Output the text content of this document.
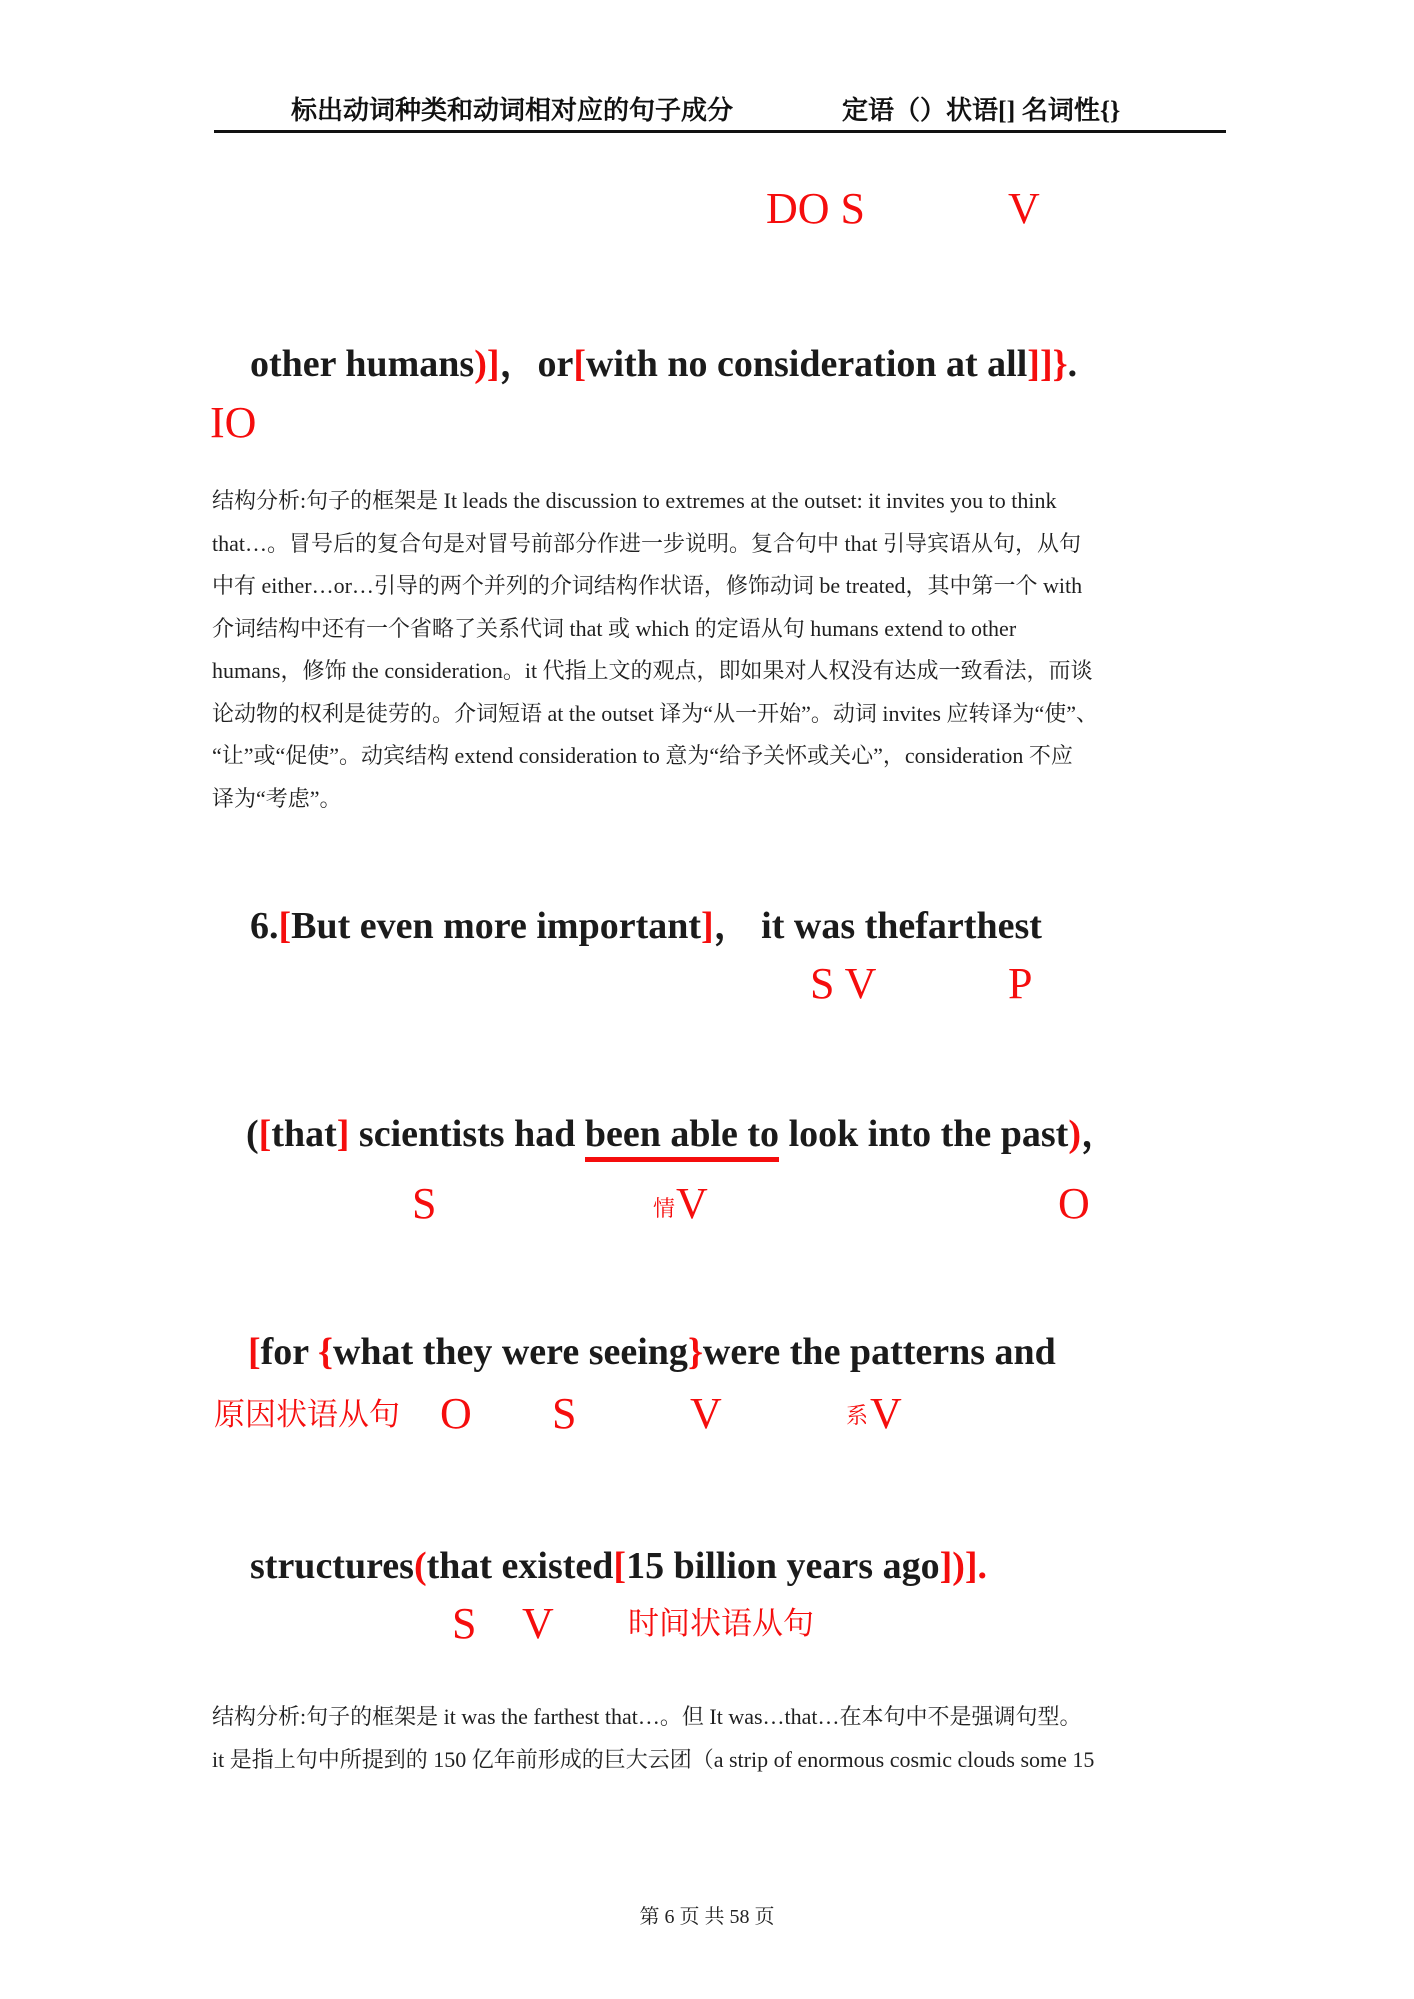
标出动词种类和动词相对应的句子成分	定语（）状语[] 名词性{}
DO S	V

other humans)]，or[with no consideration at all]]}.

IO
结构分析:句子的框架是 It leads the discussion to extremes at the outset: it invites you to think
that…。冒号后的复合句是对冒号前部分作进一步说明。复合句中 that 引导宾语从句，从句
中有 either…or…引导的两个并列的介词结构作状语，修饰动词 be treated，其中第一个 with
介词结构中还有一个省略了关系代词 that 或 which 的定语从句 humans extend to other
humans，修饰 the consideration。it 代指上文的观点，即如果对人权没有达成一致看法，而谈
论动物的权利是徒劳的。介词短语 at the outset 译为“从一开始”。动词 invites 应转译为“使”、
“让”或“促使”。动宾结构 extend consideration to 意为“给予关怀或关心”，consideration 不应
译为“考虑”。

6.[But even more important]， it was thefarthest

S V	P

([that] scientists had been able to look into the past)，

S	情 V	O

[for {what they were seeing}were the patterns and

原因状语从句 O S	V	系 V

structures(that existed[15 billion years ago])].

S V 时间状语从句
结构分析:句子的框架是 it was the farthest that…。但 It was…that…在本句中不是强调句型。
it 是指上句中所提到的 150 亿年前形成的巨大云团（a strip of enormous cosmic clouds some 15
第 6 页 共 58 页
